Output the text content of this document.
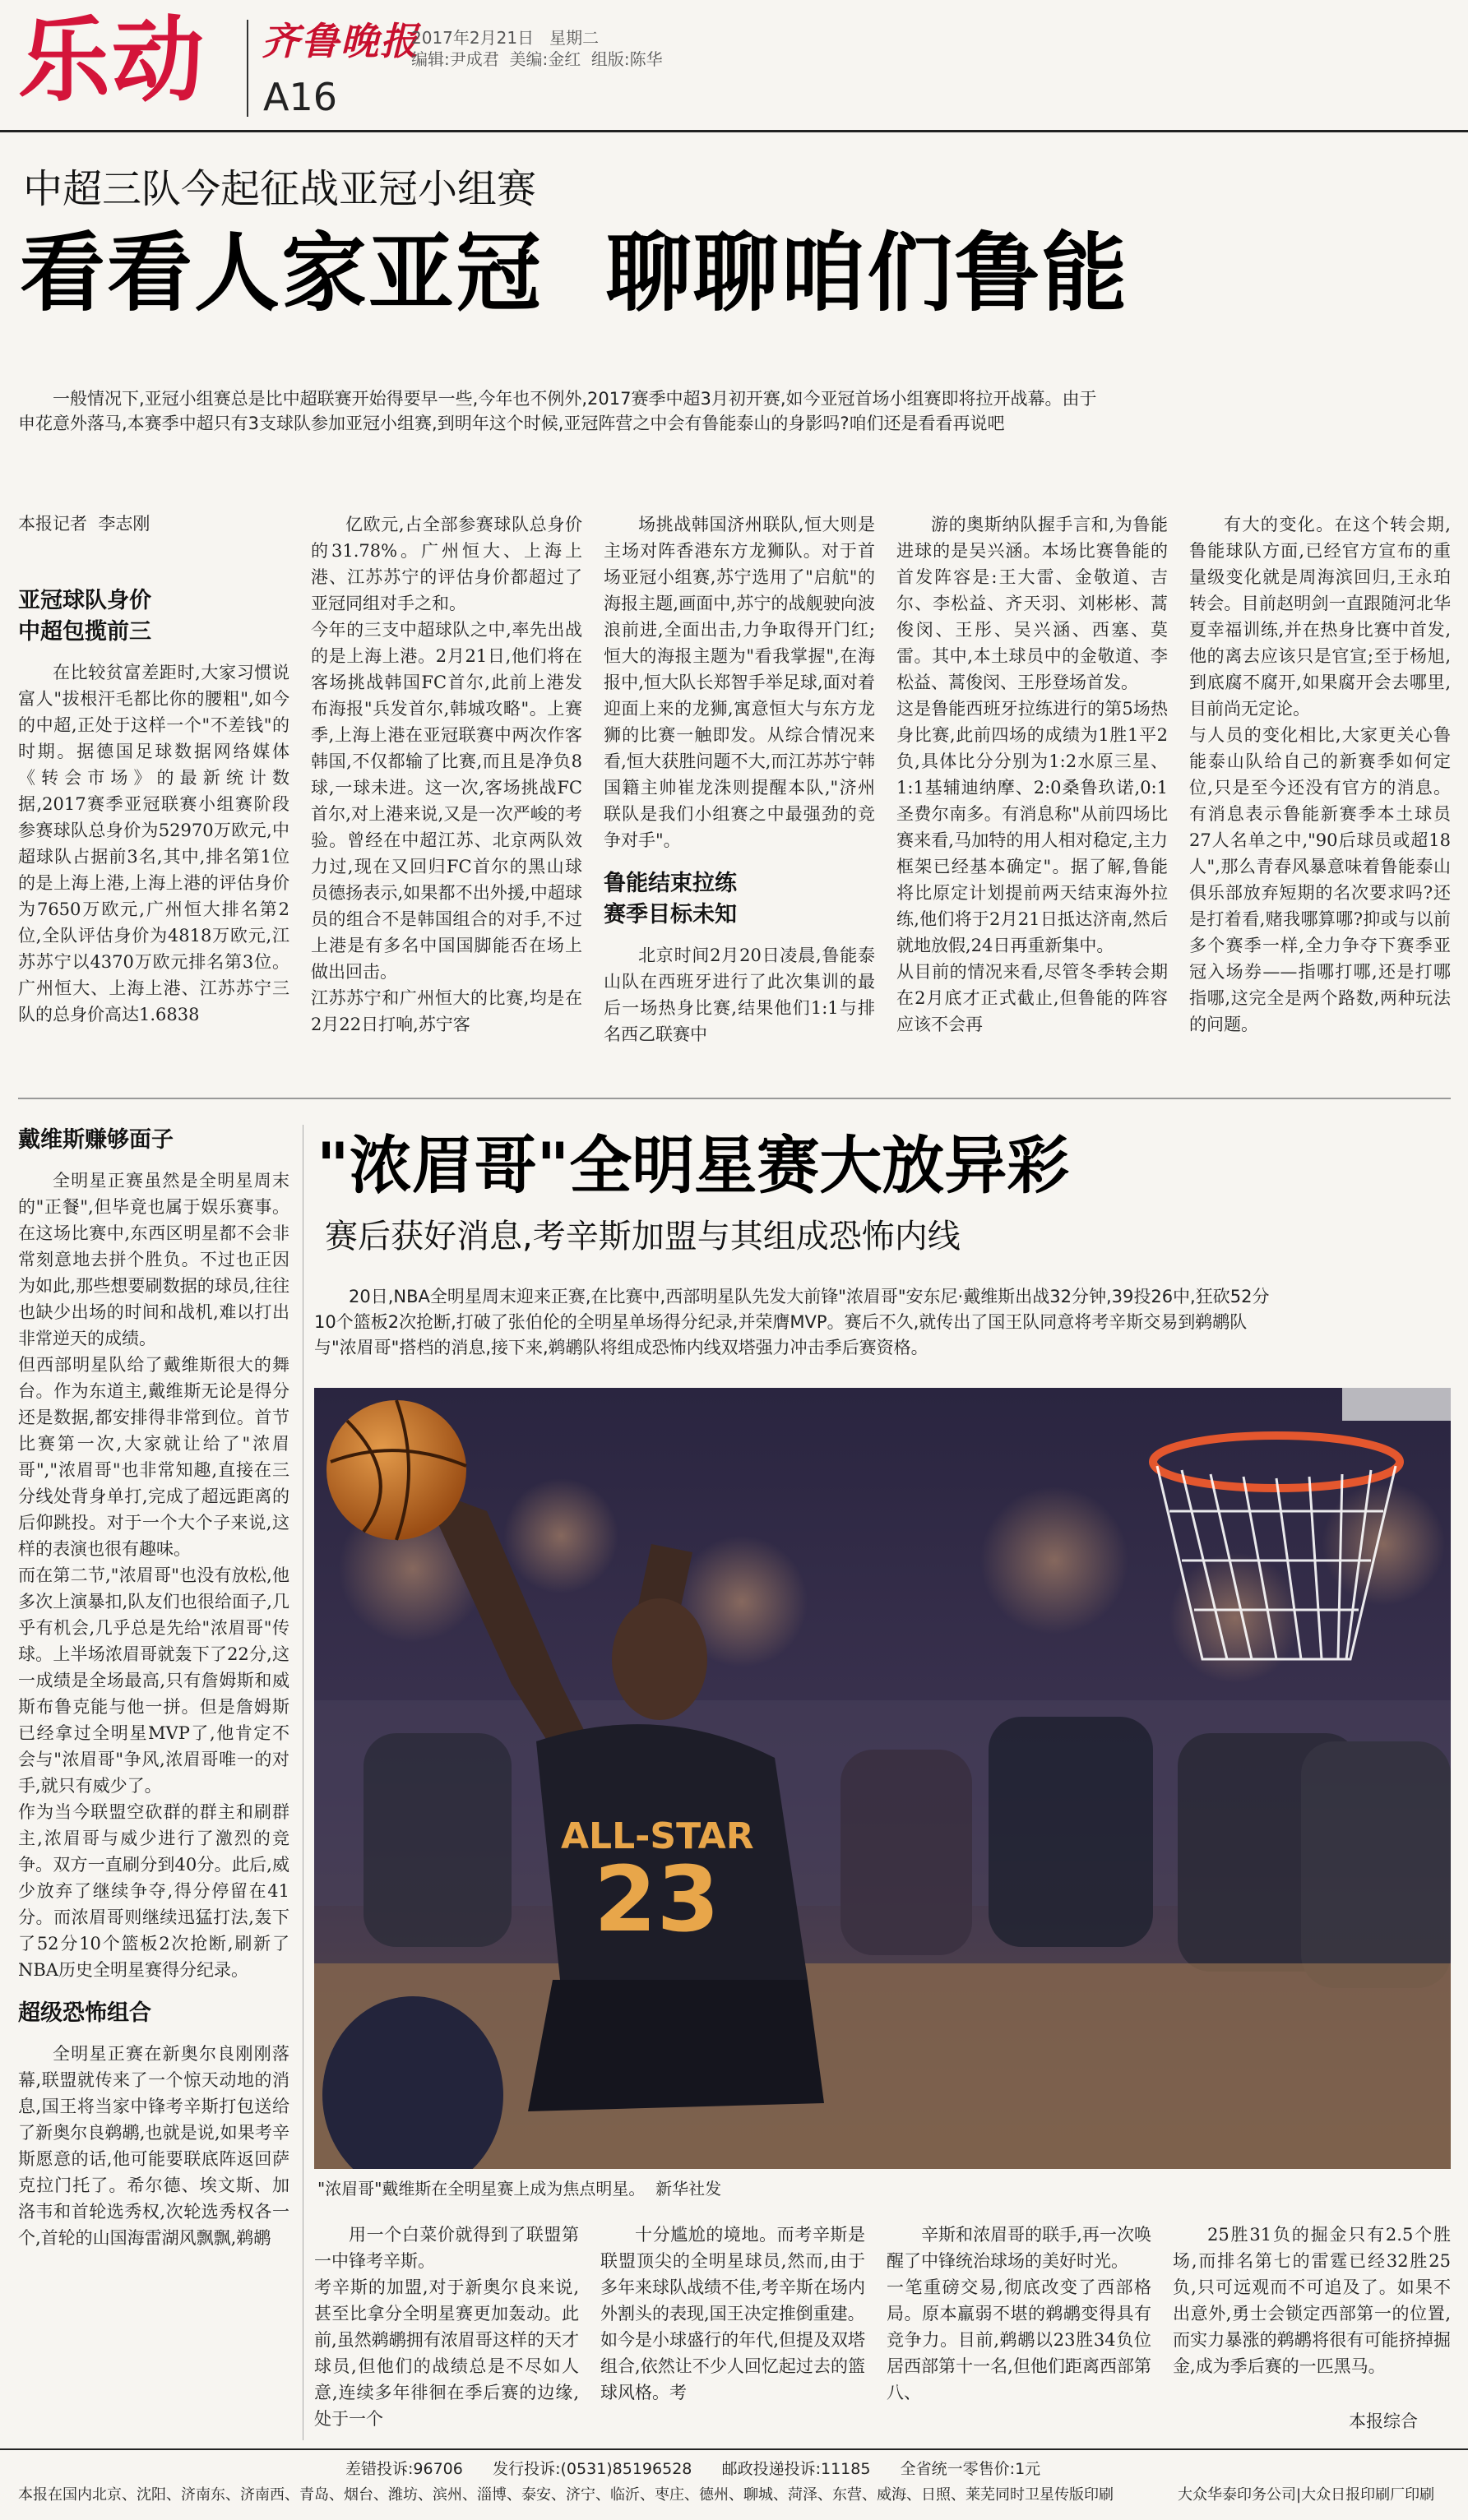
乐动 齐鲁晚报
A16
2017年2月21日 星期二
编辑:尹成君  美编:金红  组版:陈华
中超三队今起征战亚冠小组赛
看看人家亚冠  聊聊咱们鲁能
一般情况下,亚冠小组赛总是比中超联赛开始得要早一些,今年也不例外,2017赛季中超3月初开赛,如今亚冠首场小组赛即将拉开战幕。由于申花意外落马,本赛季中超只有3支球队参加亚冠小组赛,到明年这个时候,亚冠阵营之中会有鲁能泰山的身影吗?咱们还是看看再说吧
本报记者  李志刚
亚冠球队身价
中超包揽前三

在比较贫富差距时,大家习惯说富人"拔根汗毛都比你的腰粗",如今的中超,正处于这样一个"不差钱"的时期。据德国足球数据网络媒体《转会市场》的最新统计数据,2017赛季亚冠联赛小组赛阶段参赛球队总身价为52970万欧元,中超球队占据前3名,其中,排名第1位的是上海上港,上海上港的评估身价为7650万欧元,广州恒大排名第2位,全队评估身价为4818万欧元,江苏苏宁以4370万欧元排名第3位。广州恒大、上海上港、江苏苏宁三队的总身价高达1.6838

亿欧元,占全部参赛球队总身价的31.78%。广州恒大、上海上港、江苏苏宁的评估身价都超过了亚冠同组对手之和。
今年的三支中超球队之中,率先出战的是上海上港。2月21日,他们将在客场挑战韩国FC首尔,此前上港发布海报"兵发首尔,韩城攻略"。上赛季,上海上港在亚冠联赛中两次作客韩国,不仅都输了比赛,而且是净负8球,一球未进。这一次,客场挑战FC首尔,对上港来说,又是一次严峻的考验。曾经在中超江苏、北京两队效力过,现在又回归FC首尔的黑山球员德扬表示,如果都不出外援,中超球员的组合不是韩国组合的对手,不过上港是有多名中国国脚能否在场上做出回击。
江苏苏宁和广州恒大的比赛,均是在2月22日打响,苏宁客

场挑战韩国济州联队,恒大则是主场对阵香港东方龙狮队。对于首场亚冠小组赛,苏宁选用了"启航"的海报主题,画面中,苏宁的战舰驶向波浪前进,全面出击,力争取得开门红;恒大的海报主题为"看我掌握",在海报中,恒大队长郑智手举足球,面对着迎面上来的龙狮,寓意恒大与东方龙狮的比赛一触即发。从综合情况来看,恒大获胜问题不大,而江苏苏宁韩国籍主帅崔龙洙则提醒本队,"济州联队是我们小组赛之中最强劲的竞争对手"。

鲁能结束拉练
赛季目标未知

北京时间2月20日凌晨,鲁能泰山队在西班牙进行了此次集训的最后一场热身比赛,结果他们1:1与排名西乙联赛中

游的奥斯纳队握手言和,为鲁能进球的是吴兴涵。本场比赛鲁能的首发阵容是:王大雷、金敬道、吉尔、李松益、齐天羽、刘彬彬、蒿俊闵、王彤、吴兴涵、西塞、莫雷。其中,本土球员中的金敬道、李松益、蒿俊闵、王彤登场首发。
这是鲁能西班牙拉练进行的第5场热身比赛,此前四场的成绩为1胜1平2负,具体比分分别为1:2水原三星、1:1基辅迪纳摩、2:0桑鲁玖诺,0:1圣费尔南多。有消息称"从前四场比赛来看,马加特的用人相对稳定,主力框架已经基本确定"。据了解,鲁能将比原定计划提前两天结束海外拉练,他们将于2月21日抵达济南,然后就地放假,24日再重新集中。
从目前的情况来看,尽管冬季转会期在2月底才正式截止,但鲁能的阵容应该不会再

有大的变化。在这个转会期,鲁能球队方面,已经官方宣布的重量级变化就是周海滨回归,王永珀转会。目前赵明剑一直跟随河北华夏幸福训练,并在热身比赛中首发,他的离去应该只是官宣;至于杨旭,到底腐不腐开,如果腐开会去哪里,目前尚无定论。
与人员的变化相比,大家更关心鲁能泰山队给自己的新赛季如何定位,只是至今还没有官方的消息。有消息表示鲁能新赛季本土球员27人名单之中,"90后球员或超18人",那么青春风暴意味着鲁能泰山俱乐部放弃短期的名次要求吗?还是打着看,赌我哪算哪?抑或与以前多个赛季一样,全力争夺下赛季亚冠入场券——指哪打哪,还是打哪指哪,这完全是两个路数,两种玩法的问题。

戴维斯赚够面子

全明星正赛虽然是全明星周末的"正餐",但毕竟也属于娱乐赛事。在这场比赛中,东西区明星都不会非常刻意地去拼个胜负。不过也正因为如此,那些想要刷数据的球员,往往也缺少出场的时间和战机,难以打出非常逆天的成绩。
但西部明星队给了戴维斯很大的舞台。作为东道主,戴维斯无论是得分还是数据,都安排得非常到位。首节比赛第一次,大家就让给了"浓眉哥","浓眉哥"也非常知趣,直接在三分线处背身单打,完成了超远距离的后仰跳投。对于一个大个子来说,这样的表演也很有趣味。
而在第二节,"浓眉哥"也没有放松,他多次上演暴扣,队友们也很给面子,几乎有机会,几乎总是先给"浓眉哥"传球。上半场浓眉哥就轰下了22分,这一成绩是全场最高,只有詹姆斯和威斯布鲁克能与他一拼。但是詹姆斯已经拿过全明星MVP了,他肯定不会与"浓眉哥"争风,浓眉哥唯一的对手,就只有威少了。
作为当今联盟空砍群的群主和刷群主,浓眉哥与威少进行了激烈的竞争。双方一直刷分到40分。此后,威少放弃了继续争夺,得分停留在41分。而浓眉哥则继续迅猛打法,轰下了52分10个篮板2次抢断,刷新了NBA历史全明星赛得分纪录。

超级恐怖组合

全明星正赛在新奥尔良刚刚落幕,联盟就传来了一个惊天动地的消息,国王将当家中锋考辛斯打包送给了新奥尔良鹈鹕,也就是说,如果考辛斯愿意的话,他可能要联底阵返回萨克拉门托了。希尔德、埃文斯、加洛韦和首轮选秀权,次轮选秀权各一个,首轮的山国海雷湖风飘飘,鹈鹕

"浓眉哥"全明星赛大放异彩
赛后获好消息,考辛斯加盟与其组成恐怖内线
20日,NBA全明星周末迎来正赛,在比赛中,西部明星队先发大前锋"浓眉哥"安东尼·戴维斯出战32分钟,39投26中,狂砍52分10个篮板2次抢断,打破了张伯伦的全明星单场得分纪录,并荣膺MVP。赛后不久,就传出了国王队同意将考辛斯交易到鹈鹕队与"浓眉哥"搭档的消息,接下来,鹈鹕队将组成恐怖内线双塔强力冲击季后赛资格。
ALL-STAR
23
"浓眉哥"戴维斯在全明星赛上成为焦点明星。  新华社发

用一个白菜价就得到了联盟第一中锋考辛斯。
考辛斯的加盟,对于新奥尔良来说,甚至比拿分全明星赛更加轰动。此前,虽然鹈鹕拥有浓眉哥这样的天才球员,但他们的战绩总是不尽如人意,连续多年徘徊在季后赛的边缘,处于一个

十分尴尬的境地。而考辛斯是联盟顶尖的全明星球员,然而,由于多年来球队战绩不佳,考辛斯在场内外割头的表现,国王决定推倒重建。
如今是小球盛行的年代,但提及双塔组合,依然让不少人回忆起过去的篮球风格。考

辛斯和浓眉哥的联手,再一次唤醒了中锋统治球场的美好时光。
一笔重磅交易,彻底改变了西部格局。原本羸弱不堪的鹈鹕变得具有竞争力。目前,鹈鹕以23胜34负位居西部第十一名,但他们距离西部第八、

25胜31负的掘金只有2.5个胜场,而排名第七的雷霆已经32胜25负,只可远观而不可追及了。如果不出意外,勇士会锁定西部第一的位置,而实力暴涨的鹈鹕将很有可能挤掉掘金,成为季后赛的一匹黑马。

本报综合
差错投诉:96706      发行投诉:(0531)85196528      邮政投递投诉:11185      全省统一零售价:1元
本报在国内北京、沈阳、济南东、济南西、青岛、烟台、潍坊、滨州、淄博、泰安、济宁、临沂、枣庄、德州、聊城、菏泽、东营、威海、日照、莱芜同时卫星传版印刷	大众华泰印务公司|大众日报印刷厂印刷
